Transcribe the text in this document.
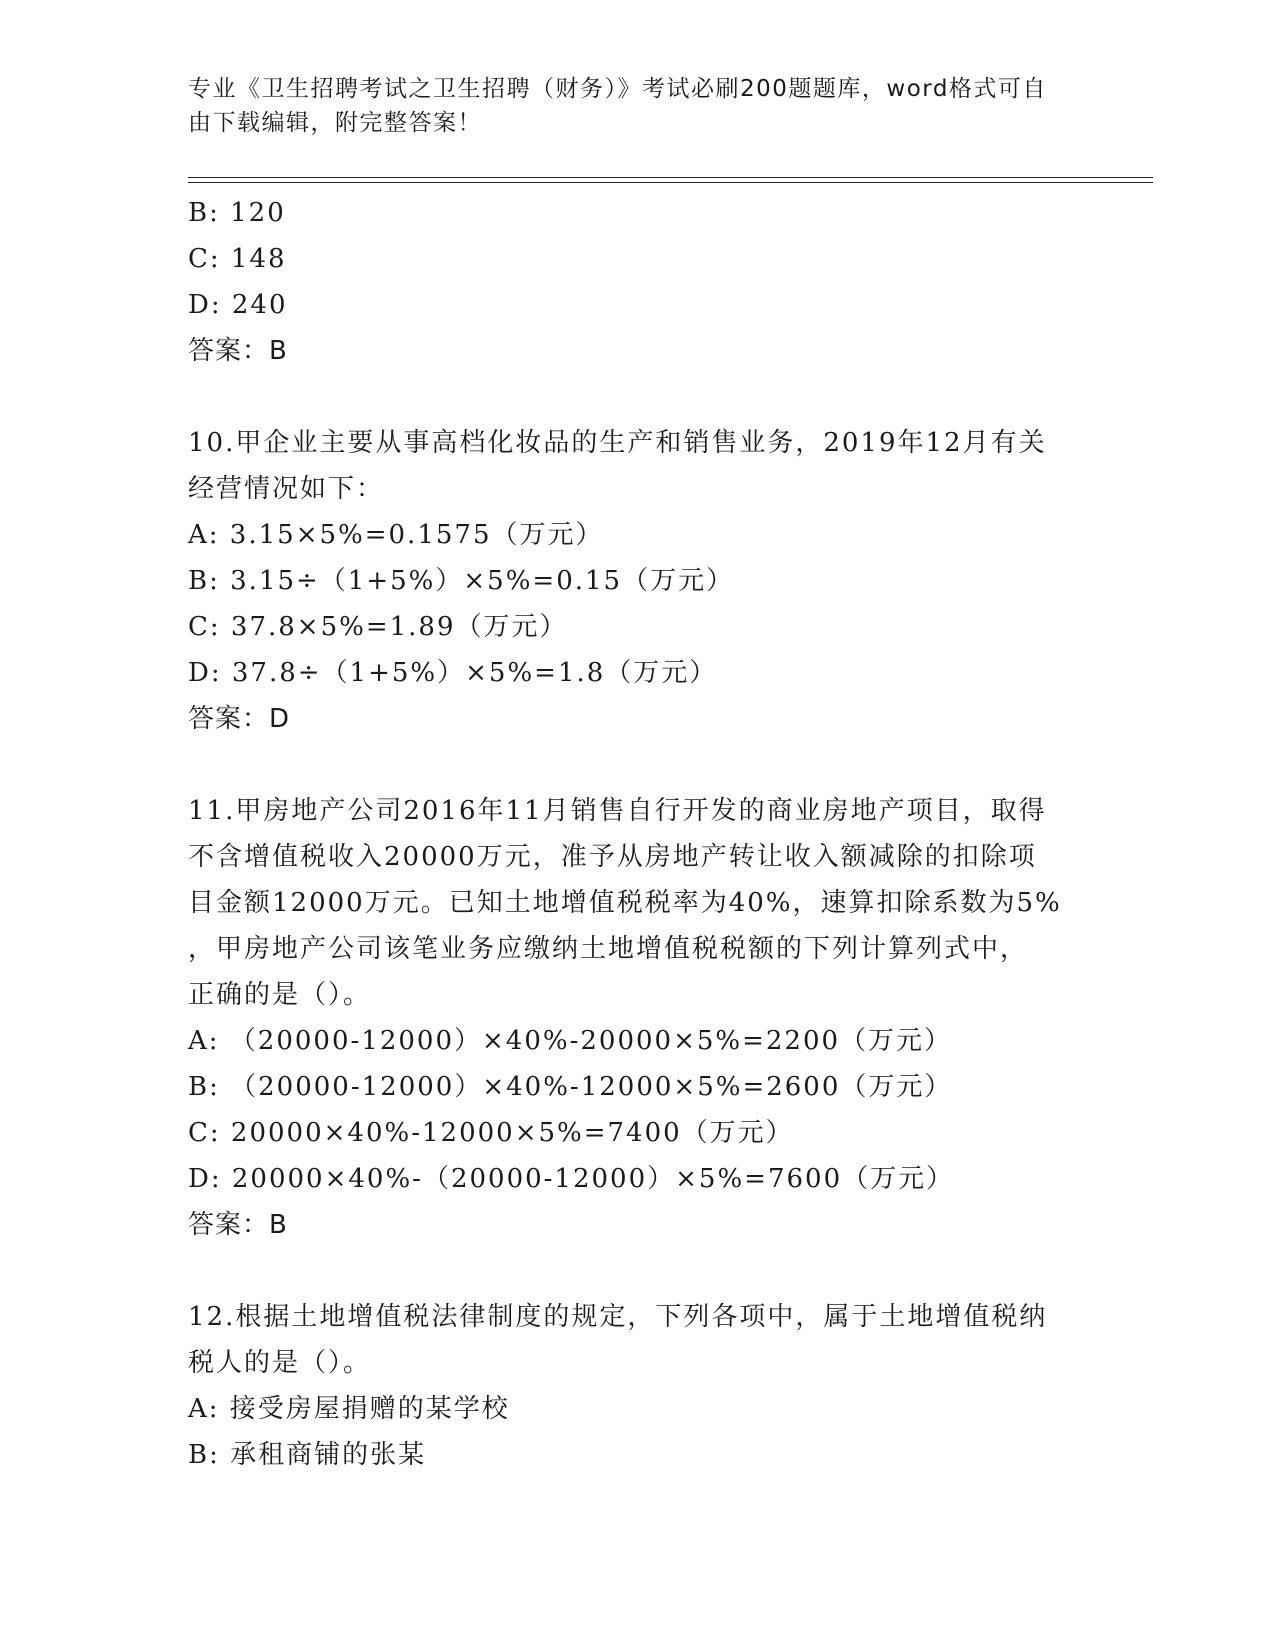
专业《卫生招聘考试之卫生招聘（财务）》考试必刷200题题库，word格式可自
由下载编辑，附完整答案！
B: 120
C: 148
D: 240
答案：B
10.甲企业主要从事高档化妆品的生产和销售业务，2019年12月有关
经营情况如下：
A: 3.15×5%=0.1575（万元）
B: 3.15÷（1+5%）×5%=0.15（万元）
C: 37.8×5%=1.89（万元）
D: 37.8÷（1+5%）×5%=1.8（万元）
答案：D
11.甲房地产公司2016年11月销售自行开发的商业房地产项目，取得
不含增值税收入20000万元，准予从房地产转让收入额减除的扣除项
目金额12000万元。已知土地增值税税率为40%，速算扣除系数为5%
，甲房地产公司该笔业务应缴纳土地增值税税额的下列计算列式中，
正确的是（）。
A: （20000-12000）×40%-20000×5%=2200（万元）
B: （20000-12000）×40%-12000×5%=2600（万元）
C: 20000×40%-12000×5%=7400（万元）
D: 20000×40%-（20000-12000）×5%=7600（万元）
答案：B
12.根据土地增值税法律制度的规定，下列各项中，属于土地增值税纳
税人的是（）。
A: 接受房屋捐赠的某学校
B: 承租商铺的张某
